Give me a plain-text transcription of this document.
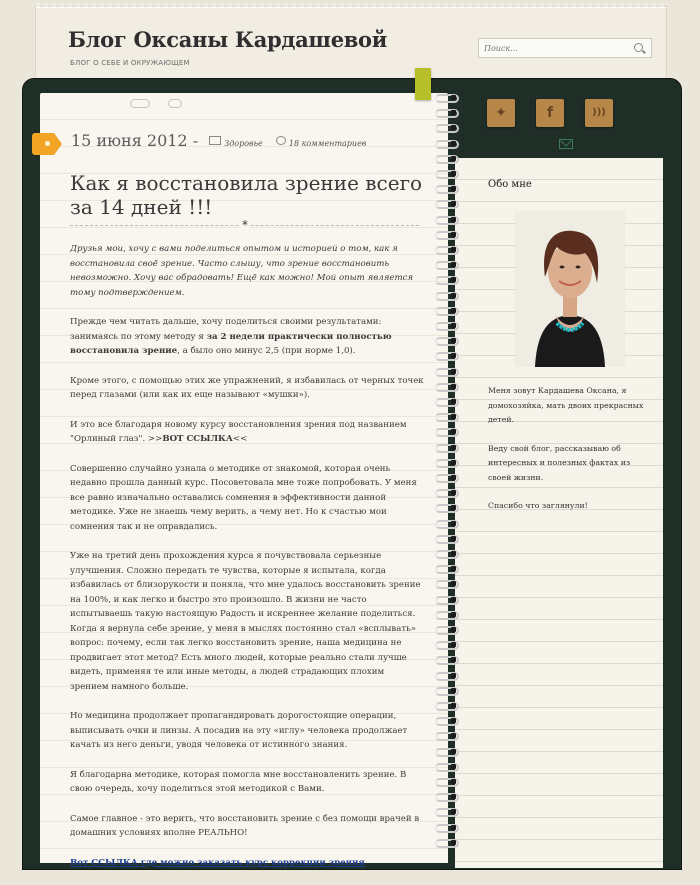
Блог Оксаны Кардашевой
БЛОГ О СЕБЕ И ОКРУЖАЮЩЕМ
Поиск...
15 июня 2012 -	Здоровье	18 комментариев
Как я восстановила зрение всего за 14 дней !!!
*

Друзья мои, хочу с вами поделиться опытом и историей о том, как я восстановила своё зрение. Часто слышу, что зрение восстановить невозможно. Хочу вас обрадовать! Ещё как можно! Мой опыт является тому подтверждением.

Прежде чем читать дальше, хочу поделиться своими результатами: занимаясь по этому методу я за 2 недели практически полностью восстановила зрение, а было оно минус 2,5 (при норме 1,0).

Кроме этого, с помощью этих же упражнений, я избавилась от черных точек перед глазами (или как их еще называют «мушки»).

И это все благодаря новому курсу восстановления зрения под названием "Орлиный глаз". >>ВОТ ССЫЛКА<<

Совершенно случайно узнала о методике от знакомой, которая очень недавно прошла данный курс. Посоветовала мне тоже попробовать. У меня все равно изначально оставались сомнения в эффективности данной методике. Уже не знаешь чему верить, а чему нет. Но к счастью мои сомнения так и не оправдались.

Уже на третий день прохождения курса я почувствовала серьезные улучшения. Сложно передать те чувства, которые я испытала, когда избавилась от близорукости и поняла, что мне удалось восстановить зрение на 100%, и как легко и быстро это произошло. В жизни не часто испытываешь такую настоящую Радость и искреннее желание поделиться. Когда я вернула себе зрение, у меня в мыслях постоянно стал «всплывать» вопрос: почему, если так легко восстановить зрение, наша медицина не продвигает этот метод? Есть много людей, которые реально стали лучше видеть, применяя те или иные методы, а людей страдающих плохим зрением намного больше.

Но медицина продолжает пропагандировать дорогостоящие операции, выписывать очки и линзы. А посадив на эту «иглу» человека продолжает качать из него деньги, уводя человека от истинного знания.

Я благодарна методике, которая помогла мне восстановленить зрение. В свою очередь, хочу поделиться этой методикой с Вами.

Самое главное - это верить, что восстановить зрение с без помощи врачей в домашних условиях вполне РЕАЛЬНО!

Вот ССЫЛКА где можно заказать курс коррекции зрения

✦	f	)))
Обо мне

Меня зовут Кардашева Оксана, я домохозяйка, мать двоих прекрасных детей.

Веду свой блог, рассказываю об интересных и полезных фактах из своей жизни.

Спасибо что заглянули!
